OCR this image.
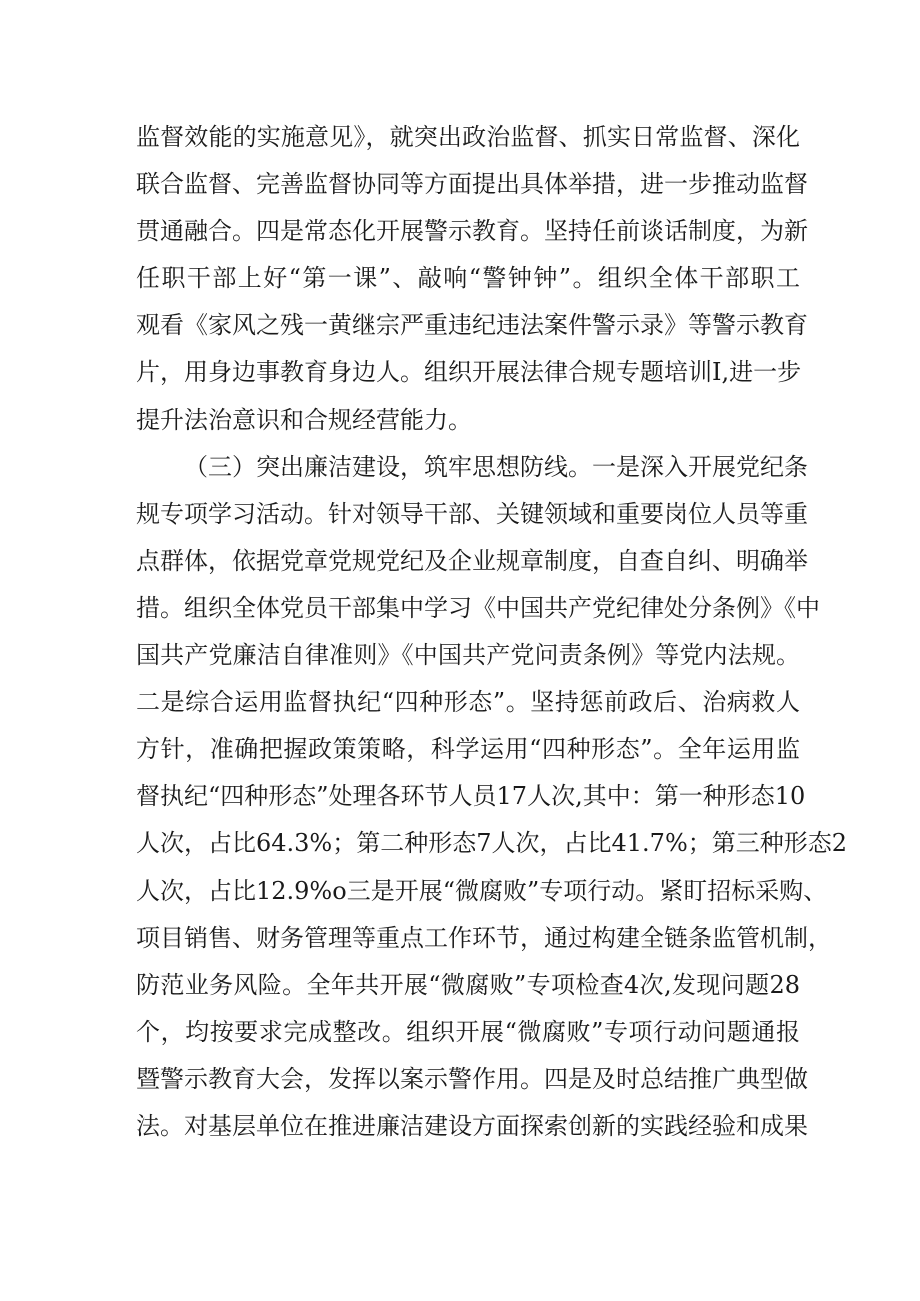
监督效能的实施意见》，就突出政治监督、抓实日常监督、深化
联合监督、完善监督协同等方面提出具体举措，进一步推动监督
贯通融合。四是常态化开展警示教育。坚持任前谈话制度，为新
任职干部上好“第一课”、敲响“警钟钟”。组织全体干部职工
观看《家风之残一黄继宗严重违纪违法案件警示录》等警示教育
片，用身边事教育身边人。组织开展法律合规专题培训I,进一步
提升法治意识和合规经营能力。
（三）突出廉洁建设，筑牢思想防线。一是深入开展党纪条
规专项学习活动。针对领导干部、关键领域和重要岗位人员等重
点群体，依据党章党规党纪及企业规章制度，自查自纠、明确举
措。组织全体党员干部集中学习《中国共产党纪律处分条例》《中
国共产党廉洁自律准则》《中国共产党问责条例》等党内法规。
二是综合运用监督执纪“四种形态”。坚持惩前政后、治病救人
方针，准确把握政策策略，科学运用“四种形态”。全年运用监
督执纪“四种形态”处理各环节人员17人次,其中：第一种形态10
人次，占比64.3%；第二种形态7人次，占比41.7%；第三种形态2
人次，占比12.9%o三是开展“微腐败”专项行动。紧盯招标采购、
项目销售、财务管理等重点工作环节，通过构建全链条监管机制，
防范业务风险。全年共开展“微腐败”专项检查4次,发现问题28
个，均按要求完成整改。组织开展“微腐败”专项行动问题通报
暨警示教育大会，发挥以案示警作用。四是及时总结推广典型做
法。对基层单位在推进廉洁建设方面探索创新的实践经验和成果
